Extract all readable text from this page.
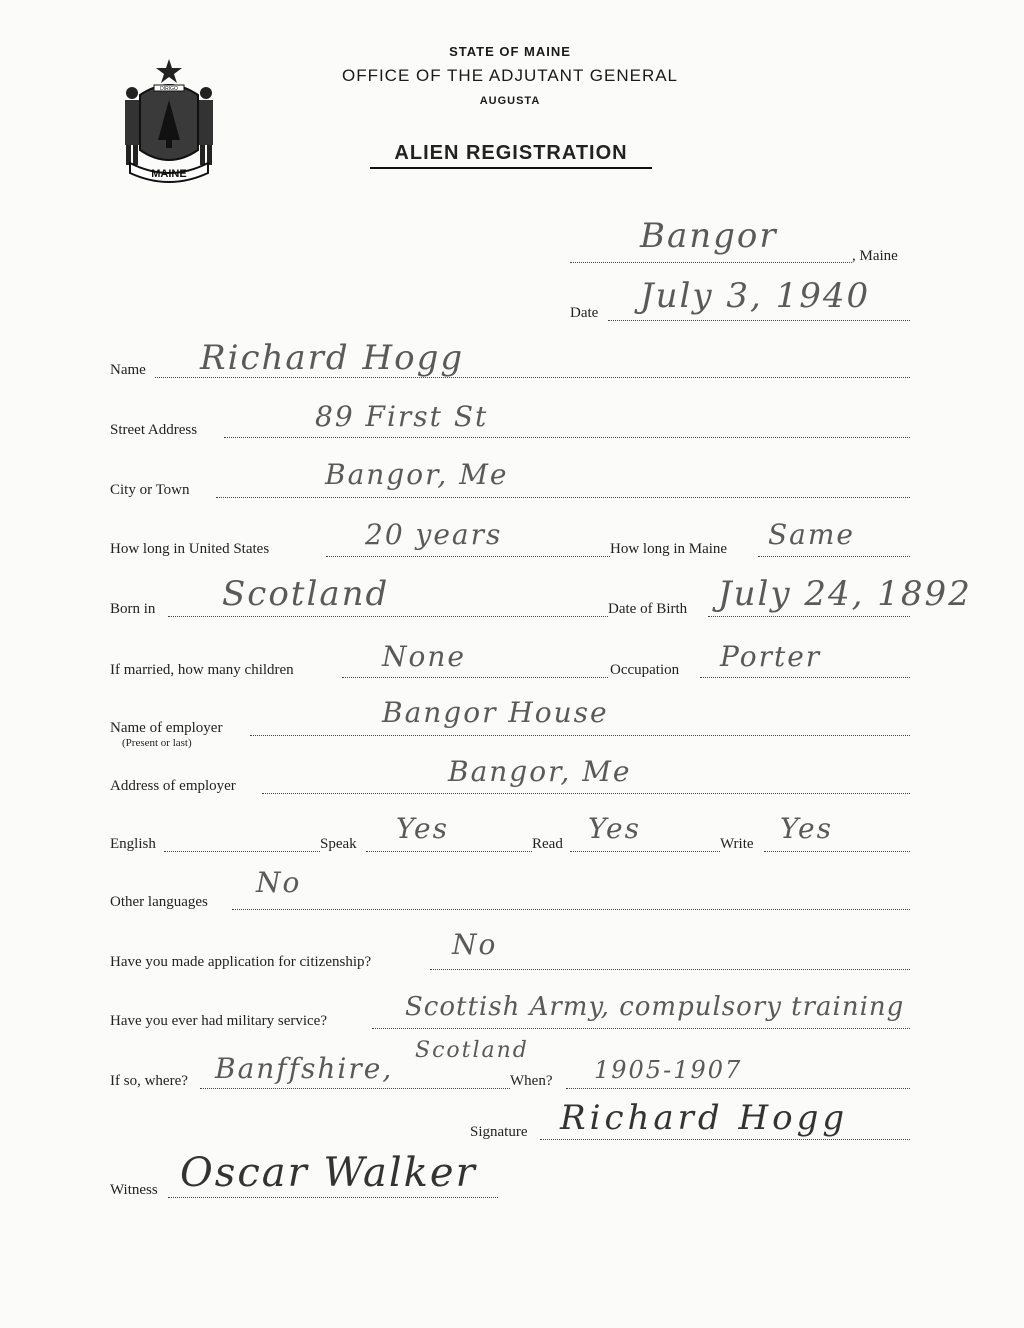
MAINE
DIRIGO
STATE OF MAINE
OFFICE OF THE ADJUTANT GENERAL
AUGUSTA
ALIEN REGISTRATION
Bangor	, Maine
Date July 3, 1940
Name Richard Hogg
Street Address	89 First St
City or Town	Bangor, Me
How long in United States	20 years	How long in Maine Same
Born in Scotland	Date of Birth July 24, 1892
If married, how many children	None	Occupation Porter
Name of employer
(Present or last)
Bangor House
Address of employer	Bangor, Me
English	Speak Yes	Read Yes	Write Yes
Other languages
No
Have you made application for citizenship?
No
Have you ever had military service?	Scottish Army, compulsory training
If so, where? Banffshire,
Scotland
When? 1905-1907
Signature Richard Hogg
Witness Oscar Walker
